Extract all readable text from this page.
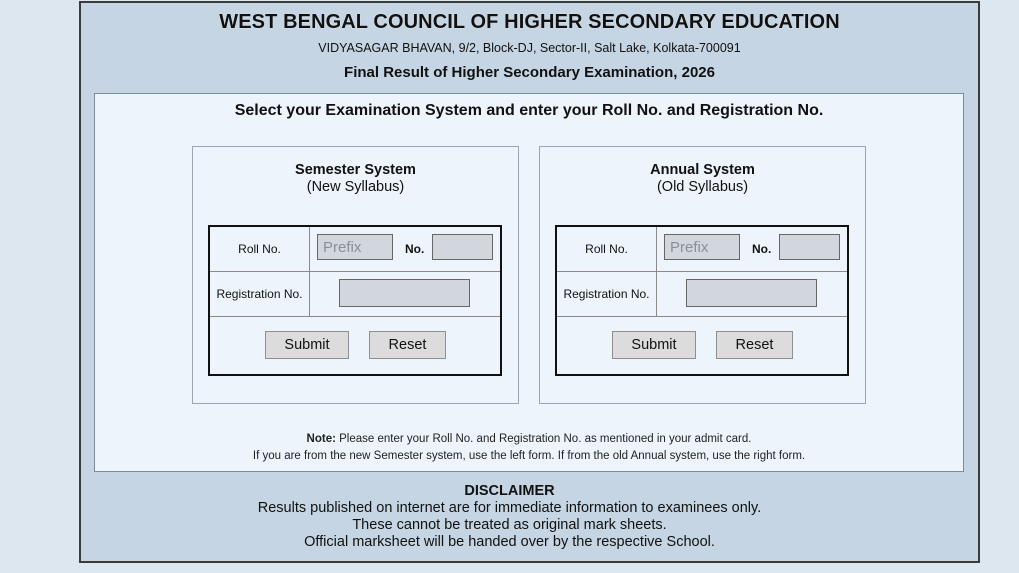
WEST BENGAL COUNCIL OF HIGHER SECONDARY EDUCATION
VIDYASAGAR BHAVAN, 9/2, Block-DJ, Sector-II, Salt Lake, Kolkata-700091
Final Result of Higher Secondary Examination, 2026
Select your Examination System and enter your Roll No. and Registration No.
Semester System
(New Syllabus)
Roll No.
Prefix	No.
Registration No.
Submit	Reset
Annual System
(Old Syllabus)
Roll No.
Prefix	No.
Registration No.
Submit	Reset
Note: Please enter your Roll No. and Registration No. as mentioned in your admit card.
If you are from the new Semester system, use the left form. If from the old Annual system, use the right form.
DISCLAIMER
Results published on internet are for immediate information to examinees only.
These cannot be treated as original mark sheets.
Official marksheet will be handed over by the respective School.
